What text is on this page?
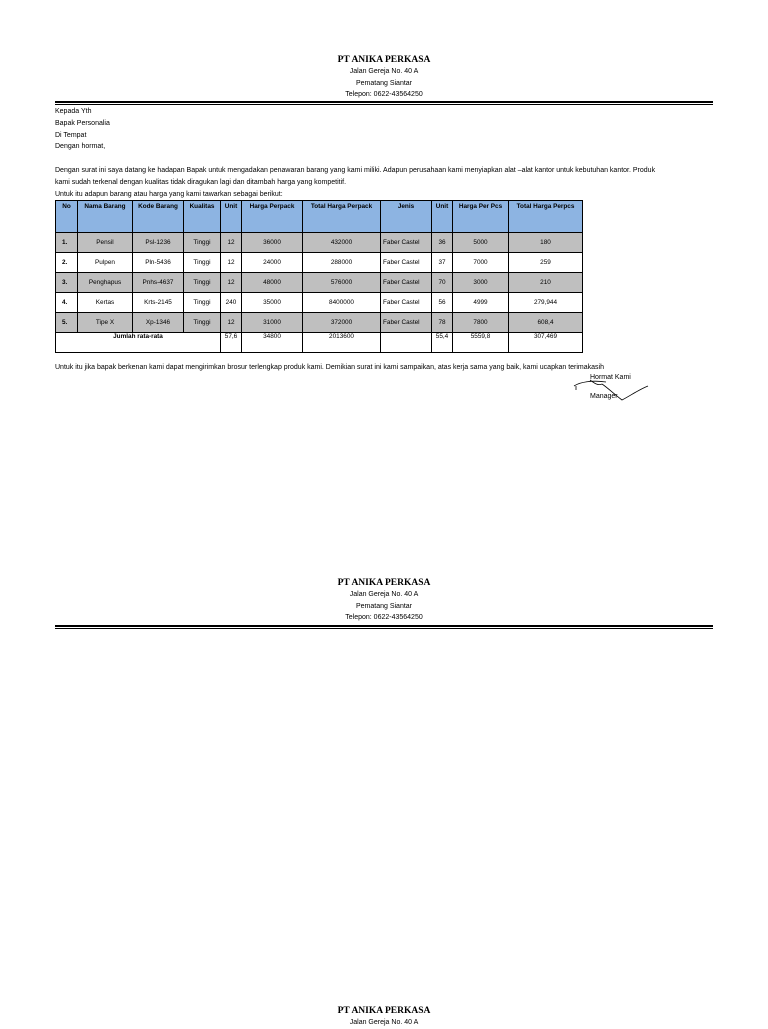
PT ANIKA PERKASA
Jalan Gereja No. 40 A
Pematang Siantar
Telepon: 0622-43564250

Kepada Yth

Bapak Personalia

Di Tempat

Dengan hormat,

Dengan surat ini saya datang ke hadapan Bapak untuk mengadakan penawaran barang yang kami miliki. Adapun perusahaan kami menyiapkan alat –alat kantor untuk kebutuhan kantor. Produk

kami sudah terkenal dengan kualitas tidak diragukan lagi dan ditambah harga yang kompetitif.

Untuk itu adapun barang atau harga yang kami tawarkan sebagai berikut:

No	Nama Barang	Kode Barang	Kualitas	Unit	Harga Perpack	Total Harga Perpack	Jenis	Unit	Harga Per Pcs	Total Harga Perpcs
1.	Pensil	Psl-1236	Tinggi	12	36000	432000	Faber Castel	36	5000	180
2.	Pulpen	Pln-5436	Tinggi	12	24000	288000	Faber Castel	37	7000	259
3.	Penghapus	Pnhs-4637	Tinggi	12	48000	576000	Faber Castel	70	3000	210
4.	Kertas	Krts-2145	Tinggi	240	35000	8400000	Faber Castel	56	4999	279,944
5.	Tipe X	Xp-1346	Tinggi	12	31000	372000	Faber Castel	78	7800	608,4
Jumlah rata-rata				57,6	34800	2013600		55,4	5559,8	307,469
Untuk itu jika bapak berkenan kami dapat mengirimkan brosur terlengkap produk kami. Demikian surat ini kami sampaikan, atas kerja sama yang baik, kami ucapkan terimakasih
Hormat Kami
Manager
PT ANIKA PERKASA
Jalan Gereja No. 40 A
Pematang Siantar
Telepon: 0622-43564250
PT ANIKA PERKASA
Jalan Gereja No. 40 A
